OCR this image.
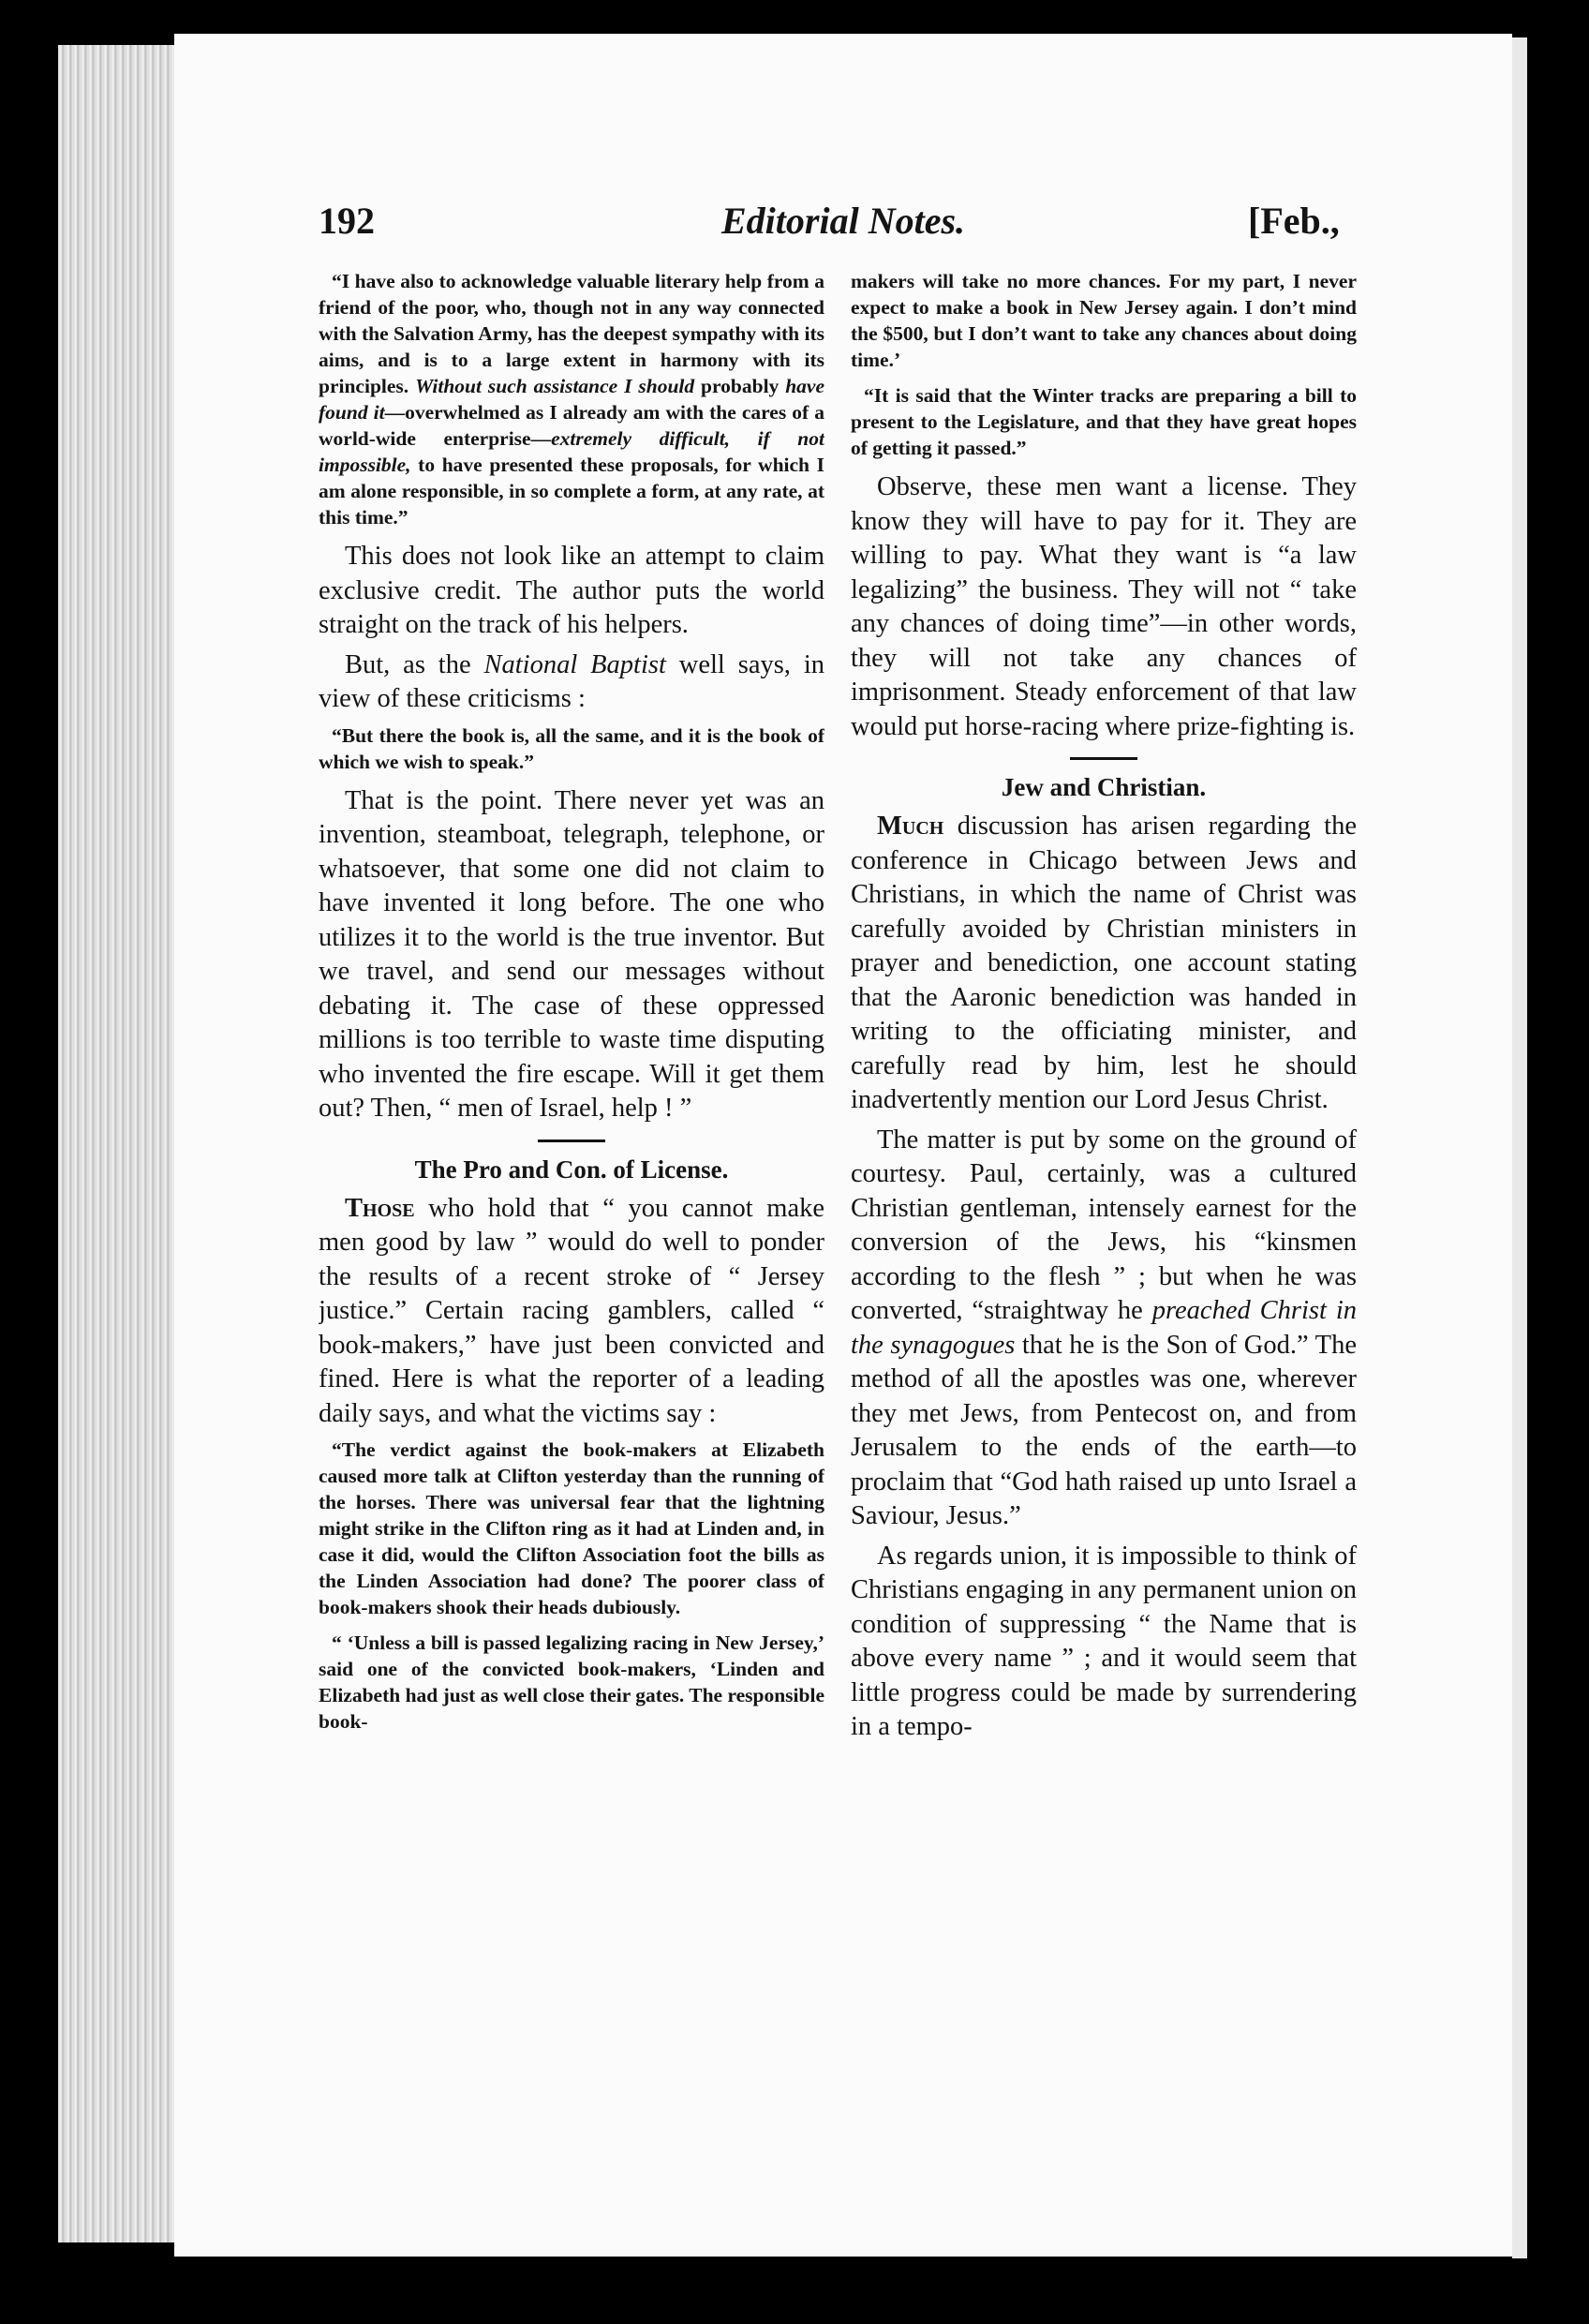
192	Editorial Notes.	[Feb.,

“I have also to acknowledge valuable literary help from a friend of the poor, who, though not in any way connected with the Salvation Army, has the deepest sympathy with its aims, and is to a large extent in harmony with its principles. Without such assistance I should probably have found it—overwhelmed as I already am with the cares of a world-wide enterprise—extremely difficult, if not impossible, to have presented these proposals, for which I am alone responsible, in so complete a form, at any rate, at this time.”

This does not look like an attempt to claim exclusive credit. The author puts the world straight on the track of his helpers.

But, as the National Baptist well says, in view of these criticisms :

“But there the book is, all the same, and it is the book of which we wish to speak.”

That is the point. There never yet was an invention, steamboat, telegraph, telephone, or whatsoever, that some one did not claim to have invented it long before. The one who utilizes it to the world is the true inventor. But we travel, and send our messages without debating it. The case of these oppressed millions is too terrible to waste time disputing who invented the fire escape. Will it get them out? Then, “ men of Israel, help ! ”

The Pro and Con. of License.

Those who hold that “ you cannot make men good by law ” would do well to ponder the results of a recent stroke of “ Jersey justice.” Certain racing gamblers, called “ book-makers,” have just been convicted and fined. Here is what the reporter of a leading daily says, and what the victims say :

“The verdict against the book-makers at Elizabeth caused more talk at Clifton yesterday than the running of the horses. There was universal fear that the lightning might strike in the Clifton ring as it had at Linden and, in case it did, would the Clifton Association foot the bills as the Linden Association had done? The poorer class of book-makers shook their heads dubiously.

“ ‘Unless a bill is passed legalizing racing in New Jersey,’ said one of the convicted book-makers, ‘Linden and Elizabeth had just as well close their gates. The responsible book-

makers will take no more chances. For my part, I never expect to make a book in New Jersey again. I don’t mind the $500, but I don’t want to take any chances about doing time.’

“It is said that the Winter tracks are preparing a bill to present to the Legislature, and that they have great hopes of getting it passed.”

Observe, these men want a license. They know they will have to pay for it. They are willing to pay. What they want is “a law legalizing” the business. They will not “ take any chances of doing time”—in other words, they will not take any chances of imprisonment. Steady enforcement of that law would put horse-racing where prize-fighting is.

Jew and Christian.

Much discussion has arisen regarding the conference in Chicago between Jews and Christians, in which the name of Christ was carefully avoided by Christian ministers in prayer and benediction, one account stating that the Aaronic benediction was handed in writing to the officiating minister, and carefully read by him, lest he should inadvertently mention our Lord Jesus Christ.

The matter is put by some on the ground of courtesy. Paul, certainly, was a cultured Christian gentleman, intensely earnest for the conversion of the Jews, his “kinsmen according to the flesh ” ; but when he was converted, “straightway he preached Christ in the synagogues that he is the Son of God.” The method of all the apostles was one, wherever they met Jews, from Pentecost on, and from Jerusalem to the ends of the earth—to proclaim that “God hath raised up unto Israel a Saviour, Jesus.”

As regards union, it is impossible to think of Christians engaging in any permanent union on condition of suppressing “ the Name that is above every name ” ; and it would seem that little progress could be made by surrendering in a tempo-
